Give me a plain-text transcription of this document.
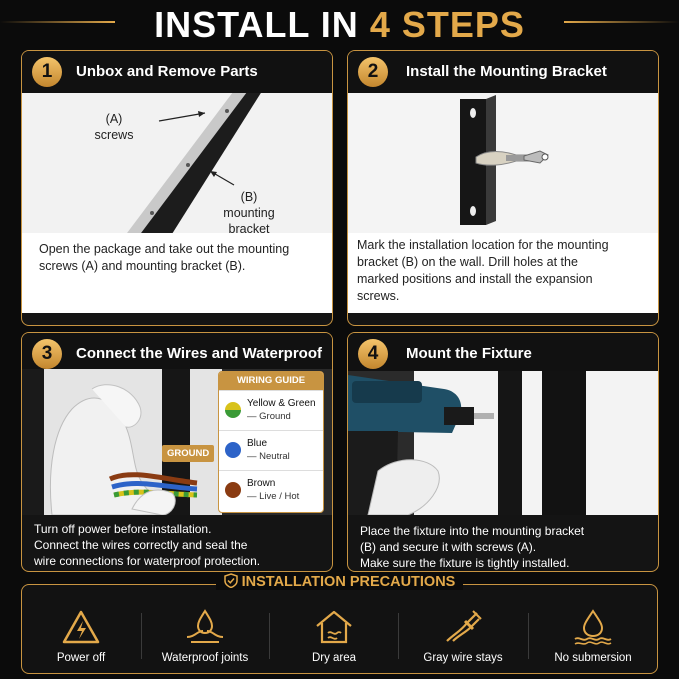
INSTALL IN 4 STEPS
1	Unbox and Remove Parts
(A)
screws
(B)
mounting
bracket
Open the package and take out the mounting screws (A) and mounting bracket (B).
2	Install the Mounting Bracket
Mark the installation location for the mounting bracket (B) on the wall. Drill holes at the marked positions and install the expansion screws.
3	Connect the Wires and Waterproof
GROUND
WIRING GUIDE
Yellow & Green
— Ground
Blue
— Neutral
Brown
— Live / Hot
Turn off power before installation.
Connect the wires correctly and seal the
wire connections for waterproof protection.
4	Mount the Fixture
Place the fixture into the mounting bracket
(B) and secure it with screws (A).
Make sure the fixture is tightly installed.
INSTALLATION PRECAUTIONS
Power off	Waterproof joints	Dry area	Gray wire stays	No submersion
